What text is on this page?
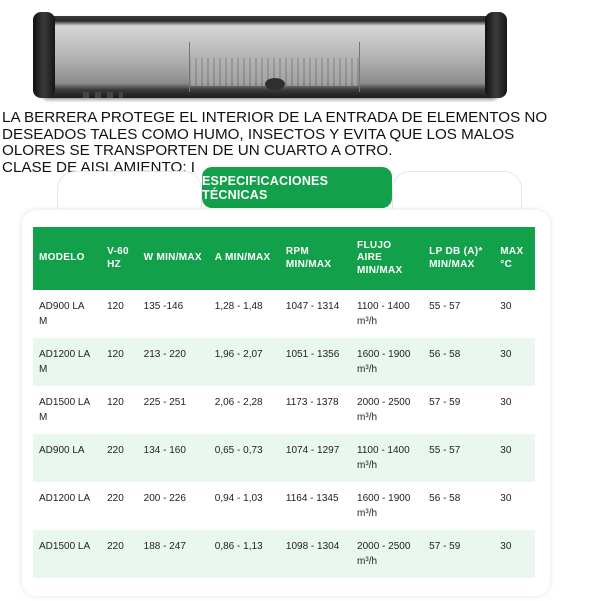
LA BERRERA PROTEGE EL INTERIOR DE LA ENTRADA DE ELEMENTOS NO
DESEADOS TALES COMO HUMO, INSECTOS Y EVITA QUE LOS MALOS
OLORES SE TRANSPORTEN DE UN CUARTO A OTRO.
CLASE DE AISLAMIENTO: I

ESPECIFICACIONES TÉCNICAS
MODELO	V-60 HZ	W MIN/MAX	A MIN/MAX	RPM MIN/MAX	FLUJO AIRE MIN/MAX	LP DB (A)* MIN/MAX	MAX °C
AD900 LA M	120	135 -146	1,28 - 1,48	1047 - 1314	1100 - 1400 m³/h	55 - 57	30
AD1200 LA M	120	213 - 220	1,96 - 2,07	1051 - 1356	1600 - 1900 m³/h	56 - 58	30
AD1500 LA M	120	225 - 251	2,06 - 2,28	1173 - 1378	2000 - 2500 m³/h	57 - 59	30
AD900 LA	220	134 - 160	0,65 - 0,73	1074 - 1297	1100 - 1400 m³/h	55 - 57	30
AD1200 LA	220	200 - 226	0,94 - 1,03	1164 - 1345	1600 - 1900 m³/h	56 - 58	30
AD1500 LA	220	188 - 247	0,86 - 1,13	1098 - 1304	2000 - 2500 m³/h	57 - 59	30
